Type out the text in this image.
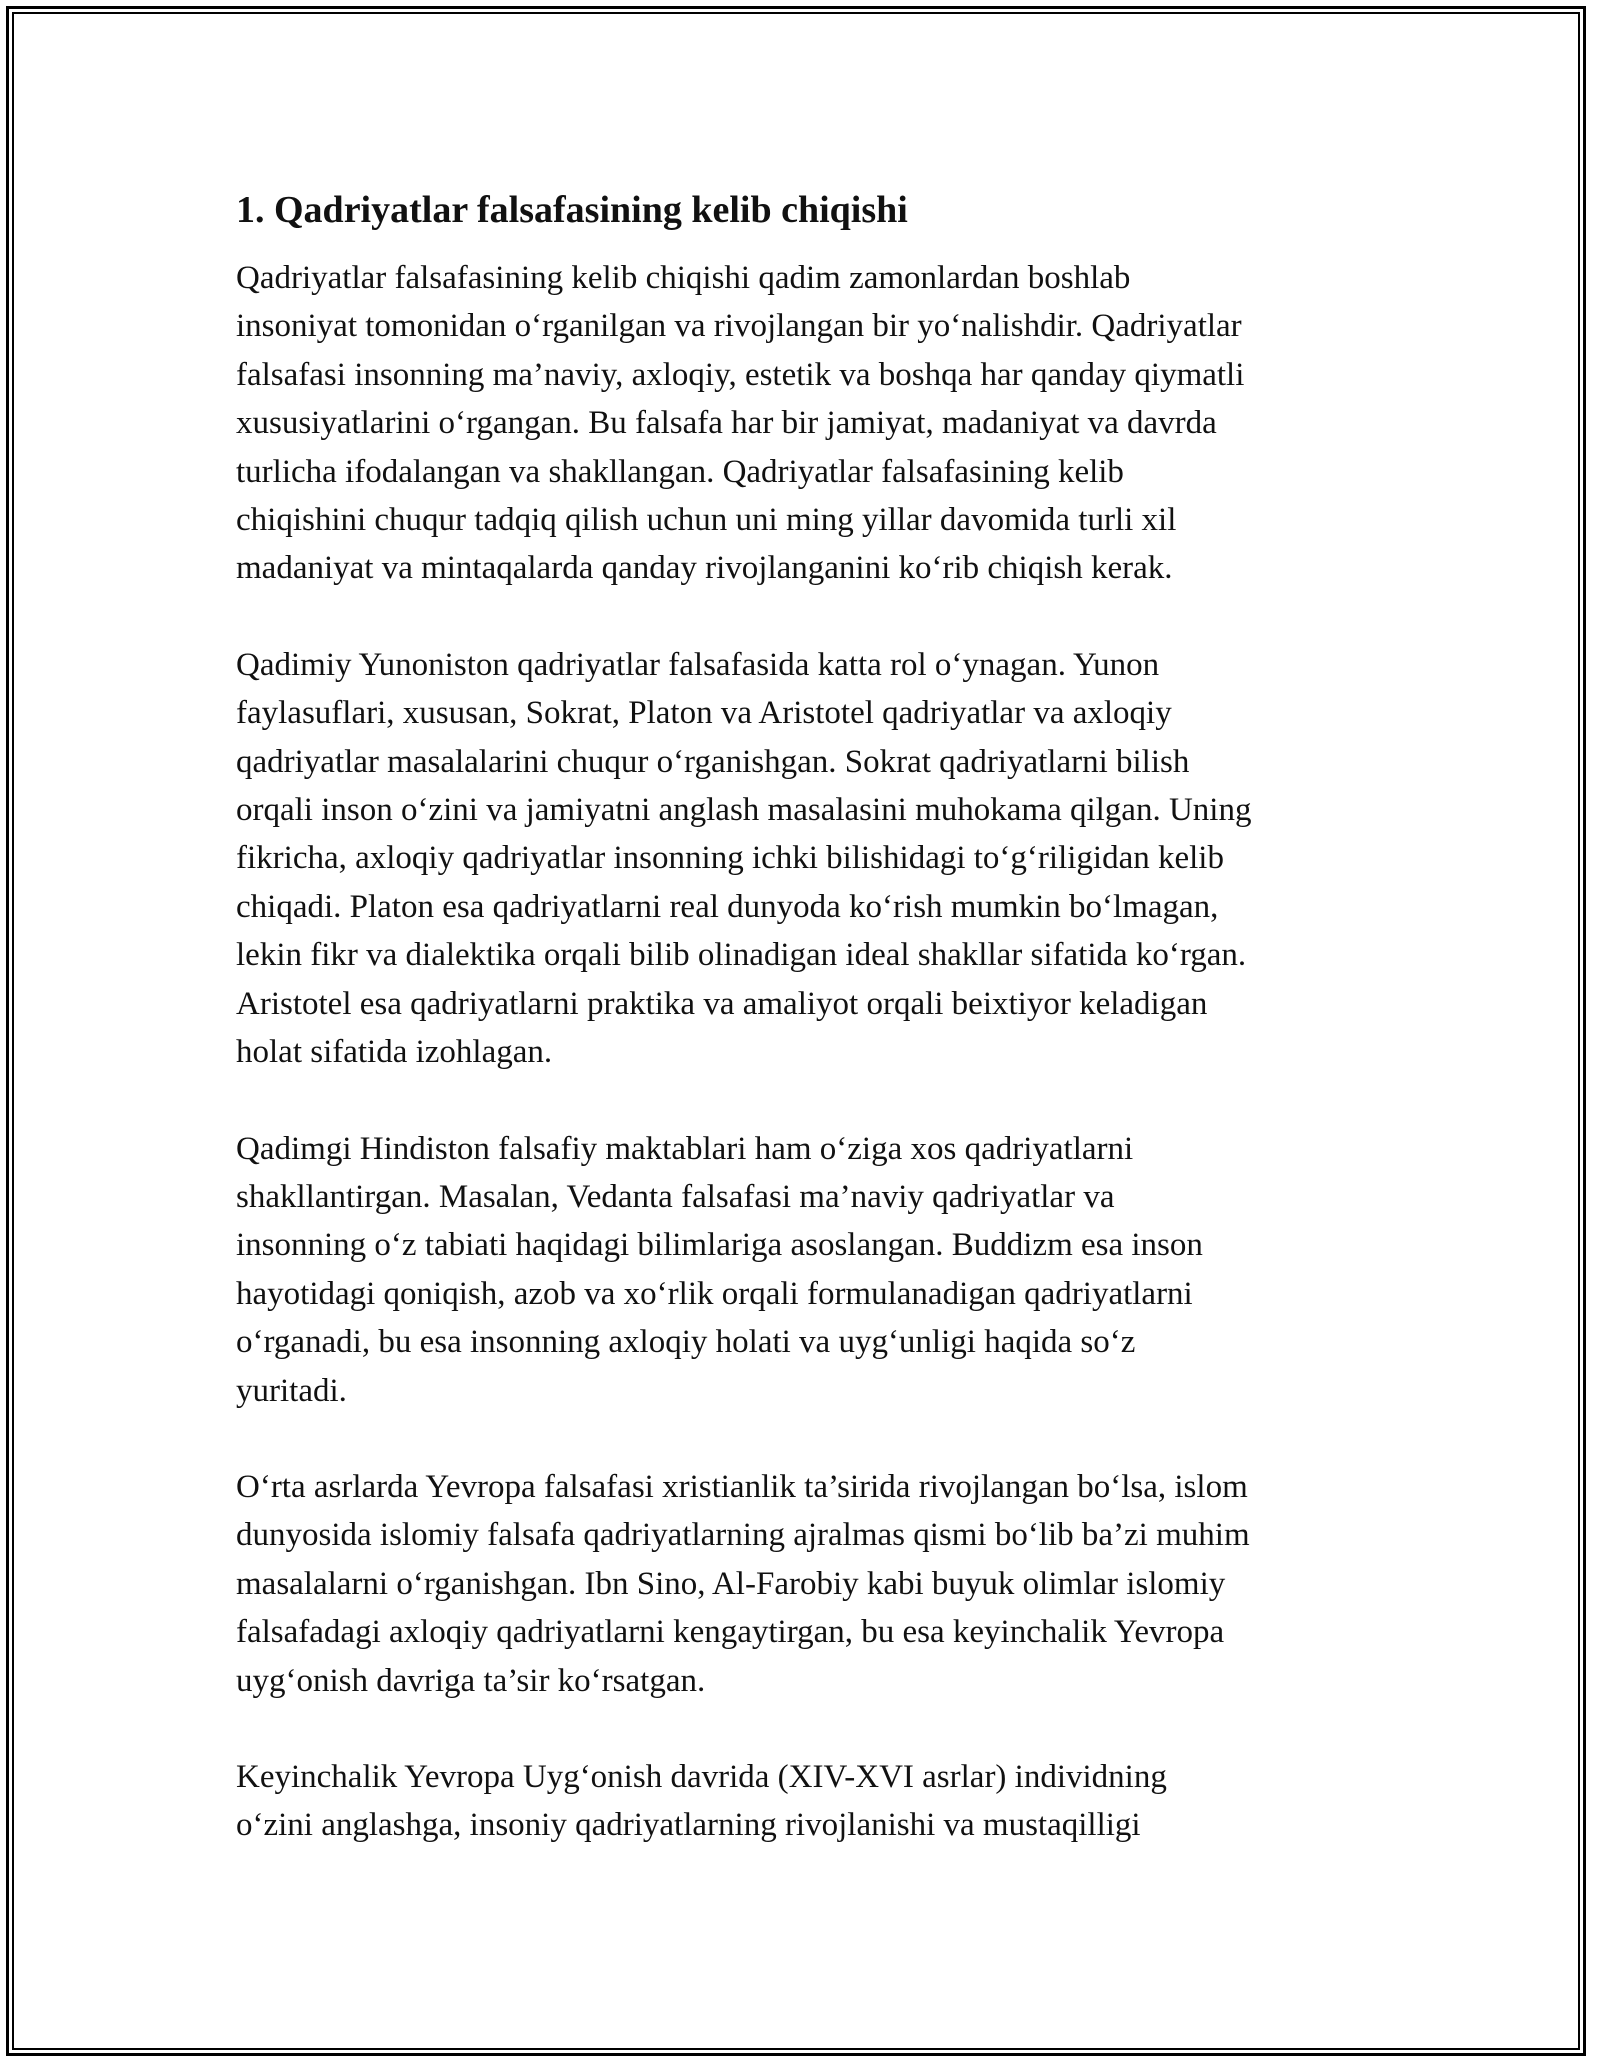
1. Qadriyatlar falsafasining kelib chiqishi

Qadriyatlar falsafasining kelib chiqishi qadim zamonlardan boshlab
insoniyat tomonidan o‘rganilgan va rivojlangan bir yo‘nalishdir. Qadriyatlar
falsafasi insonning ma’naviy, axloqiy, estetik va boshqa har qanday qiymatli
xususiyatlarini o‘rgangan. Bu falsafa har bir jamiyat, madaniyat va davrda
turlicha ifodalangan va shakllangan. Qadriyatlar falsafasining kelib
chiqishini chuqur tadqiq qilish uchun uni ming yillar davomida turli xil
madaniyat va mintaqalarda qanday rivojlanganini ko‘rib chiqish kerak.

Qadimiy Yunoniston qadriyatlar falsafasida katta rol o‘ynagan. Yunon
faylasuflari, xususan, Sokrat, Platon va Aristotel qadriyatlar va axloqiy
qadriyatlar masalalarini chuqur o‘rganishgan. Sokrat qadriyatlarni bilish
orqali inson o‘zini va jamiyatni anglash masalasini muhokama qilgan. Uning
fikricha, axloqiy qadriyatlar insonning ichki bilishidagi to‘g‘riligidan kelib
chiqadi. Platon esa qadriyatlarni real dunyoda ko‘rish mumkin bo‘lmagan,
lekin fikr va dialektika orqali bilib olinadigan ideal shakllar sifatida ko‘rgan.
Aristotel esa qadriyatlarni praktika va amaliyot orqali beixtiyor keladigan
holat sifatida izohlagan.

Qadimgi Hindiston falsafiy maktablari ham o‘ziga xos qadriyatlarni
shakllantirgan. Masalan, Vedanta falsafasi ma’naviy qadriyatlar va
insonning o‘z tabiati haqidagi bilimlariga asoslangan. Buddizm esa inson
hayotidagi qoniqish, azob va xo‘rlik orqali formulanadigan qadriyatlarni
o‘rganadi, bu esa insonning axloqiy holati va uyg‘unligi haqida so‘z
yuritadi.

O‘rta asrlarda Yevropa falsafasi xristianlik ta’sirida rivojlangan bo‘lsa, islom
dunyosida islomiy falsafa qadriyatlarning ajralmas qismi bo‘lib ba’zi muhim
masalalarni o‘rganishgan. Ibn Sino, Al-Farobiy kabi buyuk olimlar islomiy
falsafadagi axloqiy qadriyatlarni kengaytirgan, bu esa keyinchalik Yevropa
uyg‘onish davriga ta’sir ko‘rsatgan.

Keyinchalik Yevropa Uyg‘onish davrida (XIV-XVI asrlar) individning
o‘zini anglashga, insoniy qadriyatlarning rivojlanishi va mustaqilligi
